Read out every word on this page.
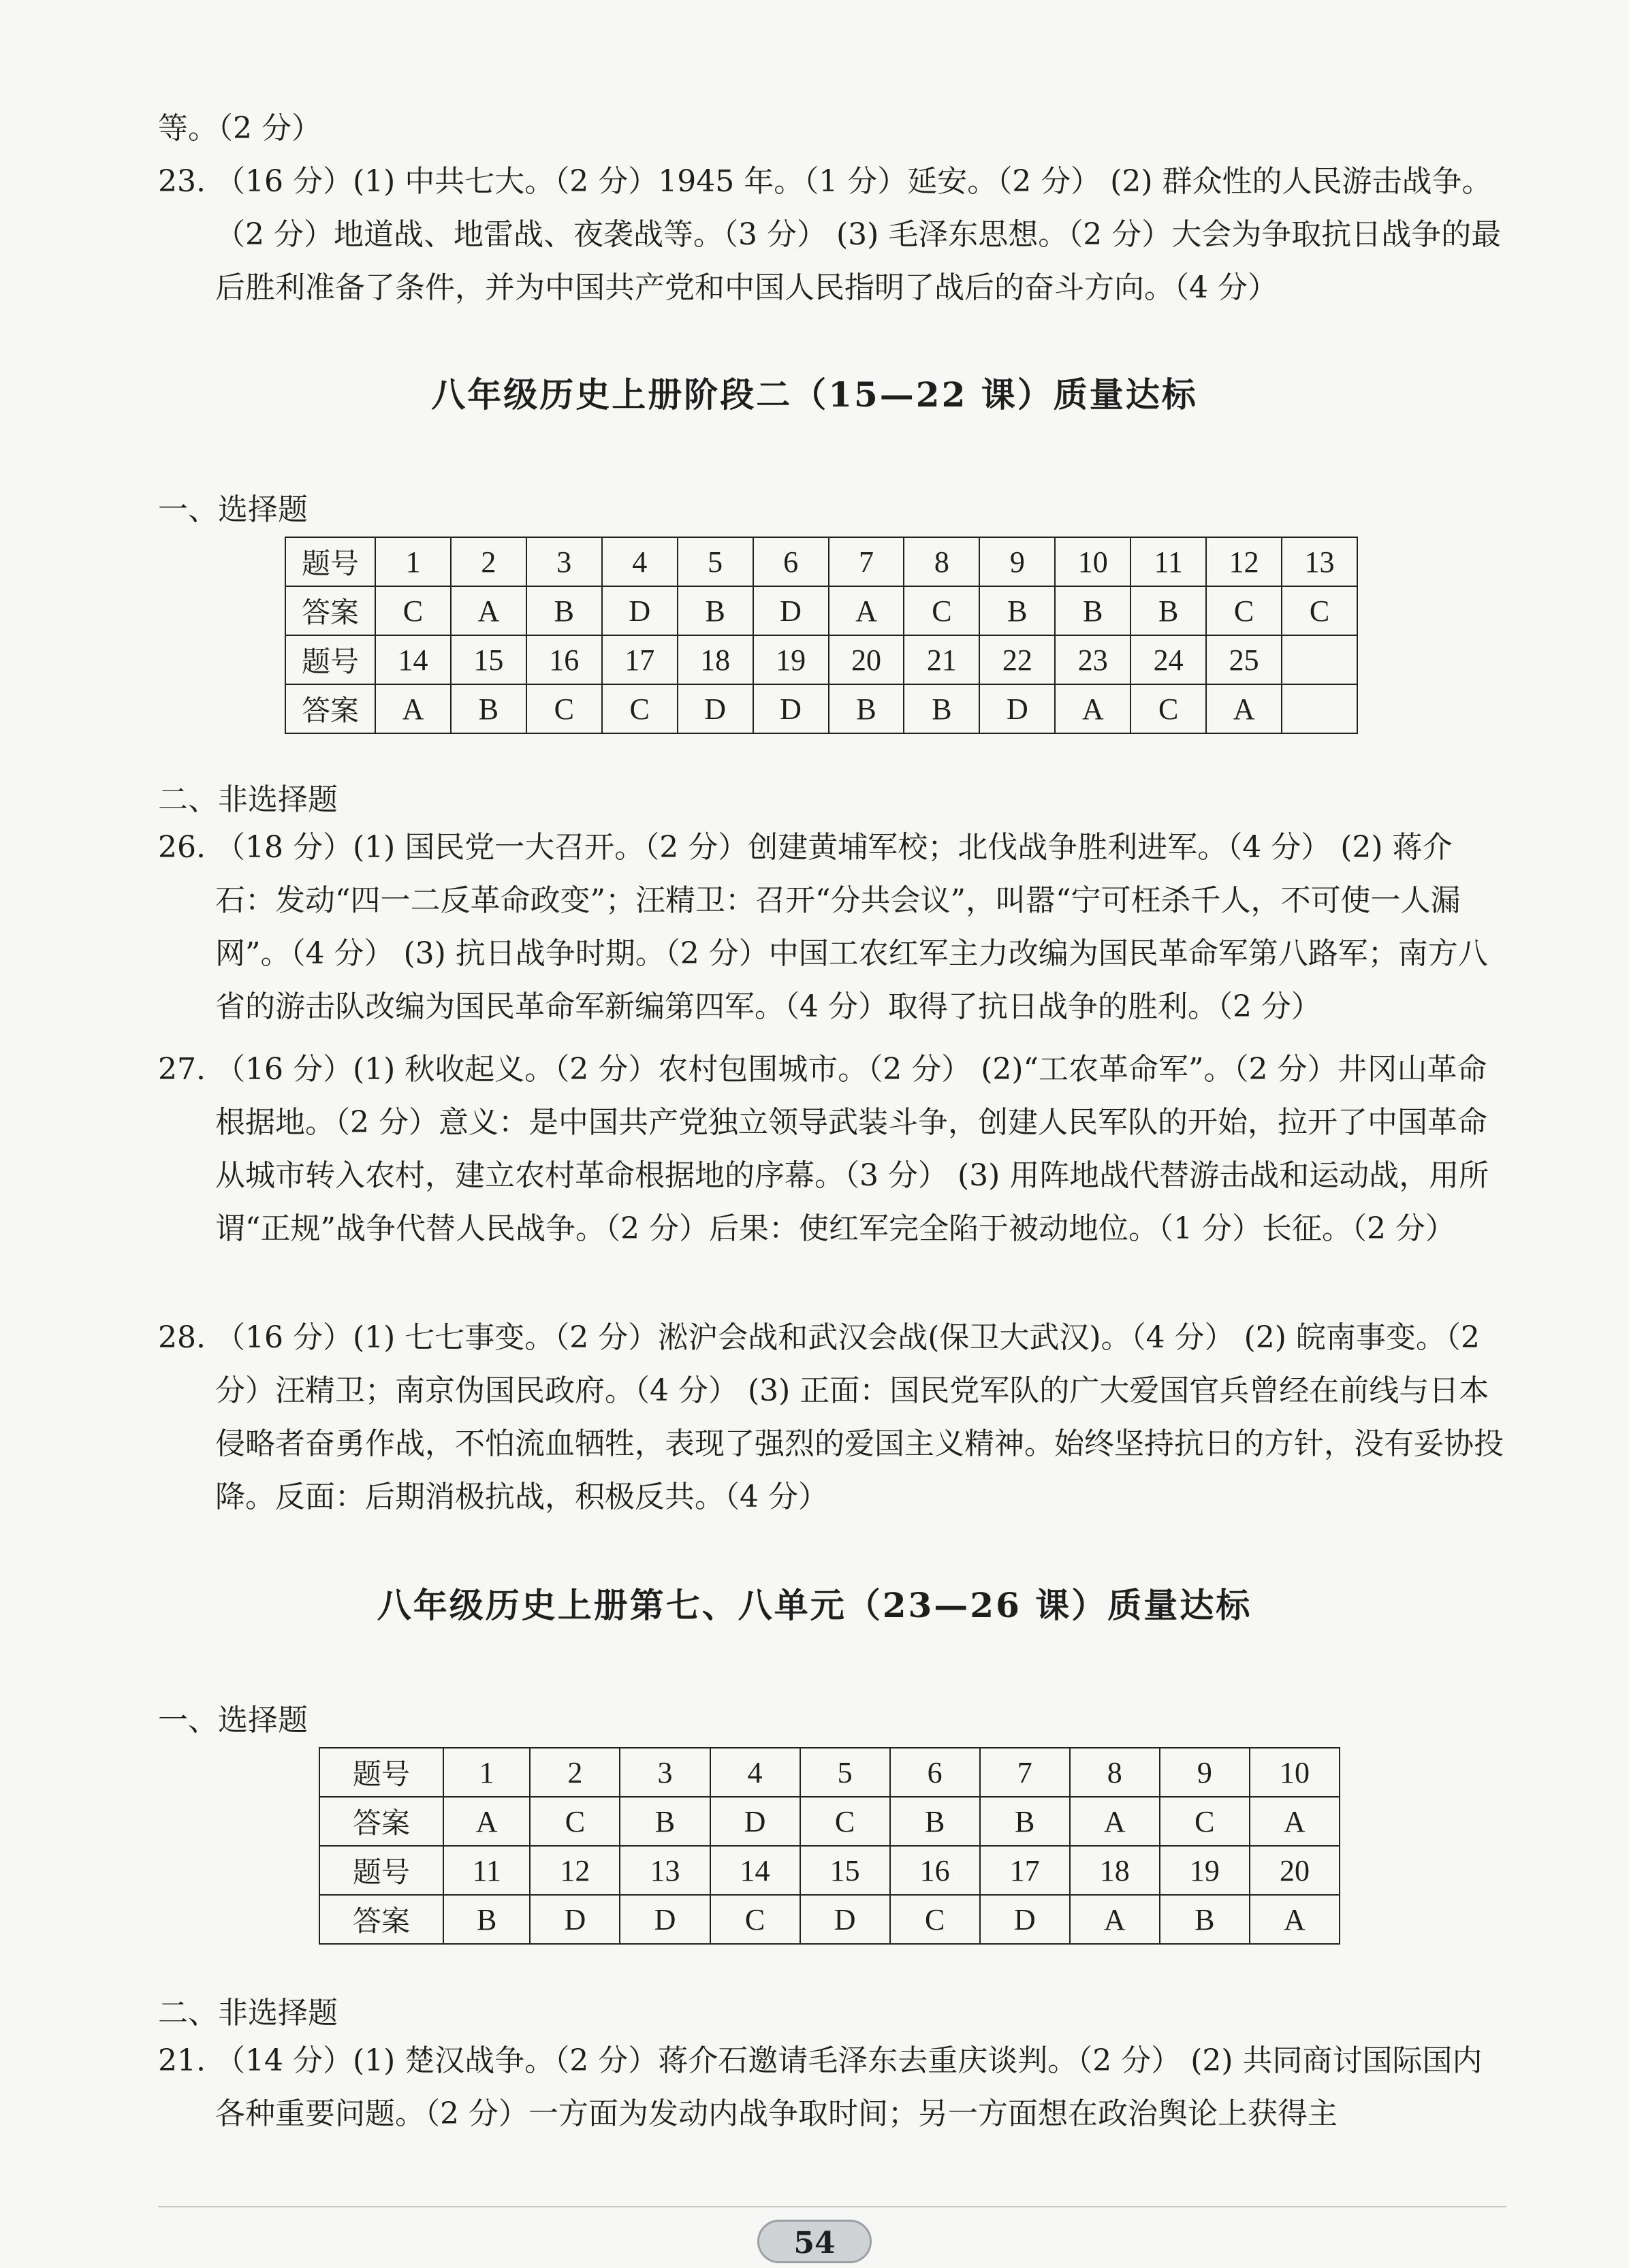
等。（2 分）

23. （16 分）(1) 中共七大。（2 分）1945 年。（1 分）延安。（2 分） (2) 群众性的人民游击战争。（2 分）地道战、地雷战、夜袭战等。（3 分） (3) 毛泽东思想。（2 分）大会为争取抗日战争的最后胜利准备了条件，并为中国共产党和中国人民指明了战后的奋斗方向。（4 分）
八年级历史上册阶段二（15—22 课）质量达标

一、选择题

题号	1	2	3	4	5	6	7	8	9	10	11	12	13
答案	C	A	B	D	B	D	A	C	B	B	B	C	C
题号	14	15	16	17	18	19	20	21	22	23	24	25	
答案	A	B	C	C	D	D	B	B	D	A	C	A	

二、非选择题

26. （18 分）(1) 国民党一大召开。（2 分）创建黄埔军校；北伐战争胜利进军。（4 分） (2) 蒋介石：发动“四一二反革命政变”；汪精卫：召开“分共会议”，叫嚣“宁可枉杀千人，不可使一人漏网”。（4 分） (3) 抗日战争时期。（2 分）中国工农红军主力改编为国民革命军第八路军；南方八省的游击队改编为国民革命军新编第四军。（4 分）取得了抗日战争的胜利。（2 分）
27. （16 分）(1) 秋收起义。（2 分）农村包围城市。（2 分） (2)“工农革命军”。（2 分）井冈山革命根据地。（2 分）意义：是中国共产党独立领导武装斗争，创建人民军队的开始，拉开了中国革命从城市转入农村，建立农村革命根据地的序幕。（3 分） (3) 用阵地战代替游击战和运动战，用所谓“正规”战争代替人民战争。（2 分）后果：使红军完全陷于被动地位。（1 分）长征。（2 分）
28. （16 分）(1) 七七事变。（2 分）淞沪会战和武汉会战(保卫大武汉)。（4 分） (2) 皖南事变。（2 分）汪精卫；南京伪国民政府。（4 分） (3) 正面：国民党军队的广大爱国官兵曾经在前线与日本侵略者奋勇作战，不怕流血牺牲，表现了强烈的爱国主义精神。始终坚持抗日的方针，没有妥协投降。反面：后期消极抗战，积极反共。（4 分）
八年级历史上册第七、八单元（23—26 课）质量达标

一、选择题

题号	1	2	3	4	5	6	7	8	9	10
答案	A	C	B	D	C	B	B	A	C	A
题号	11	12	13	14	15	16	17	18	19	20
答案	B	D	D	C	D	C	D	A	B	A

二、非选择题

21. （14 分）(1) 楚汉战争。（2 分）蒋介石邀请毛泽东去重庆谈判。（2 分） (2) 共同商讨国际国内各种重要问题。（2 分）一方面为发动内战争取时间；另一方面想在政治舆论上获得主
54
